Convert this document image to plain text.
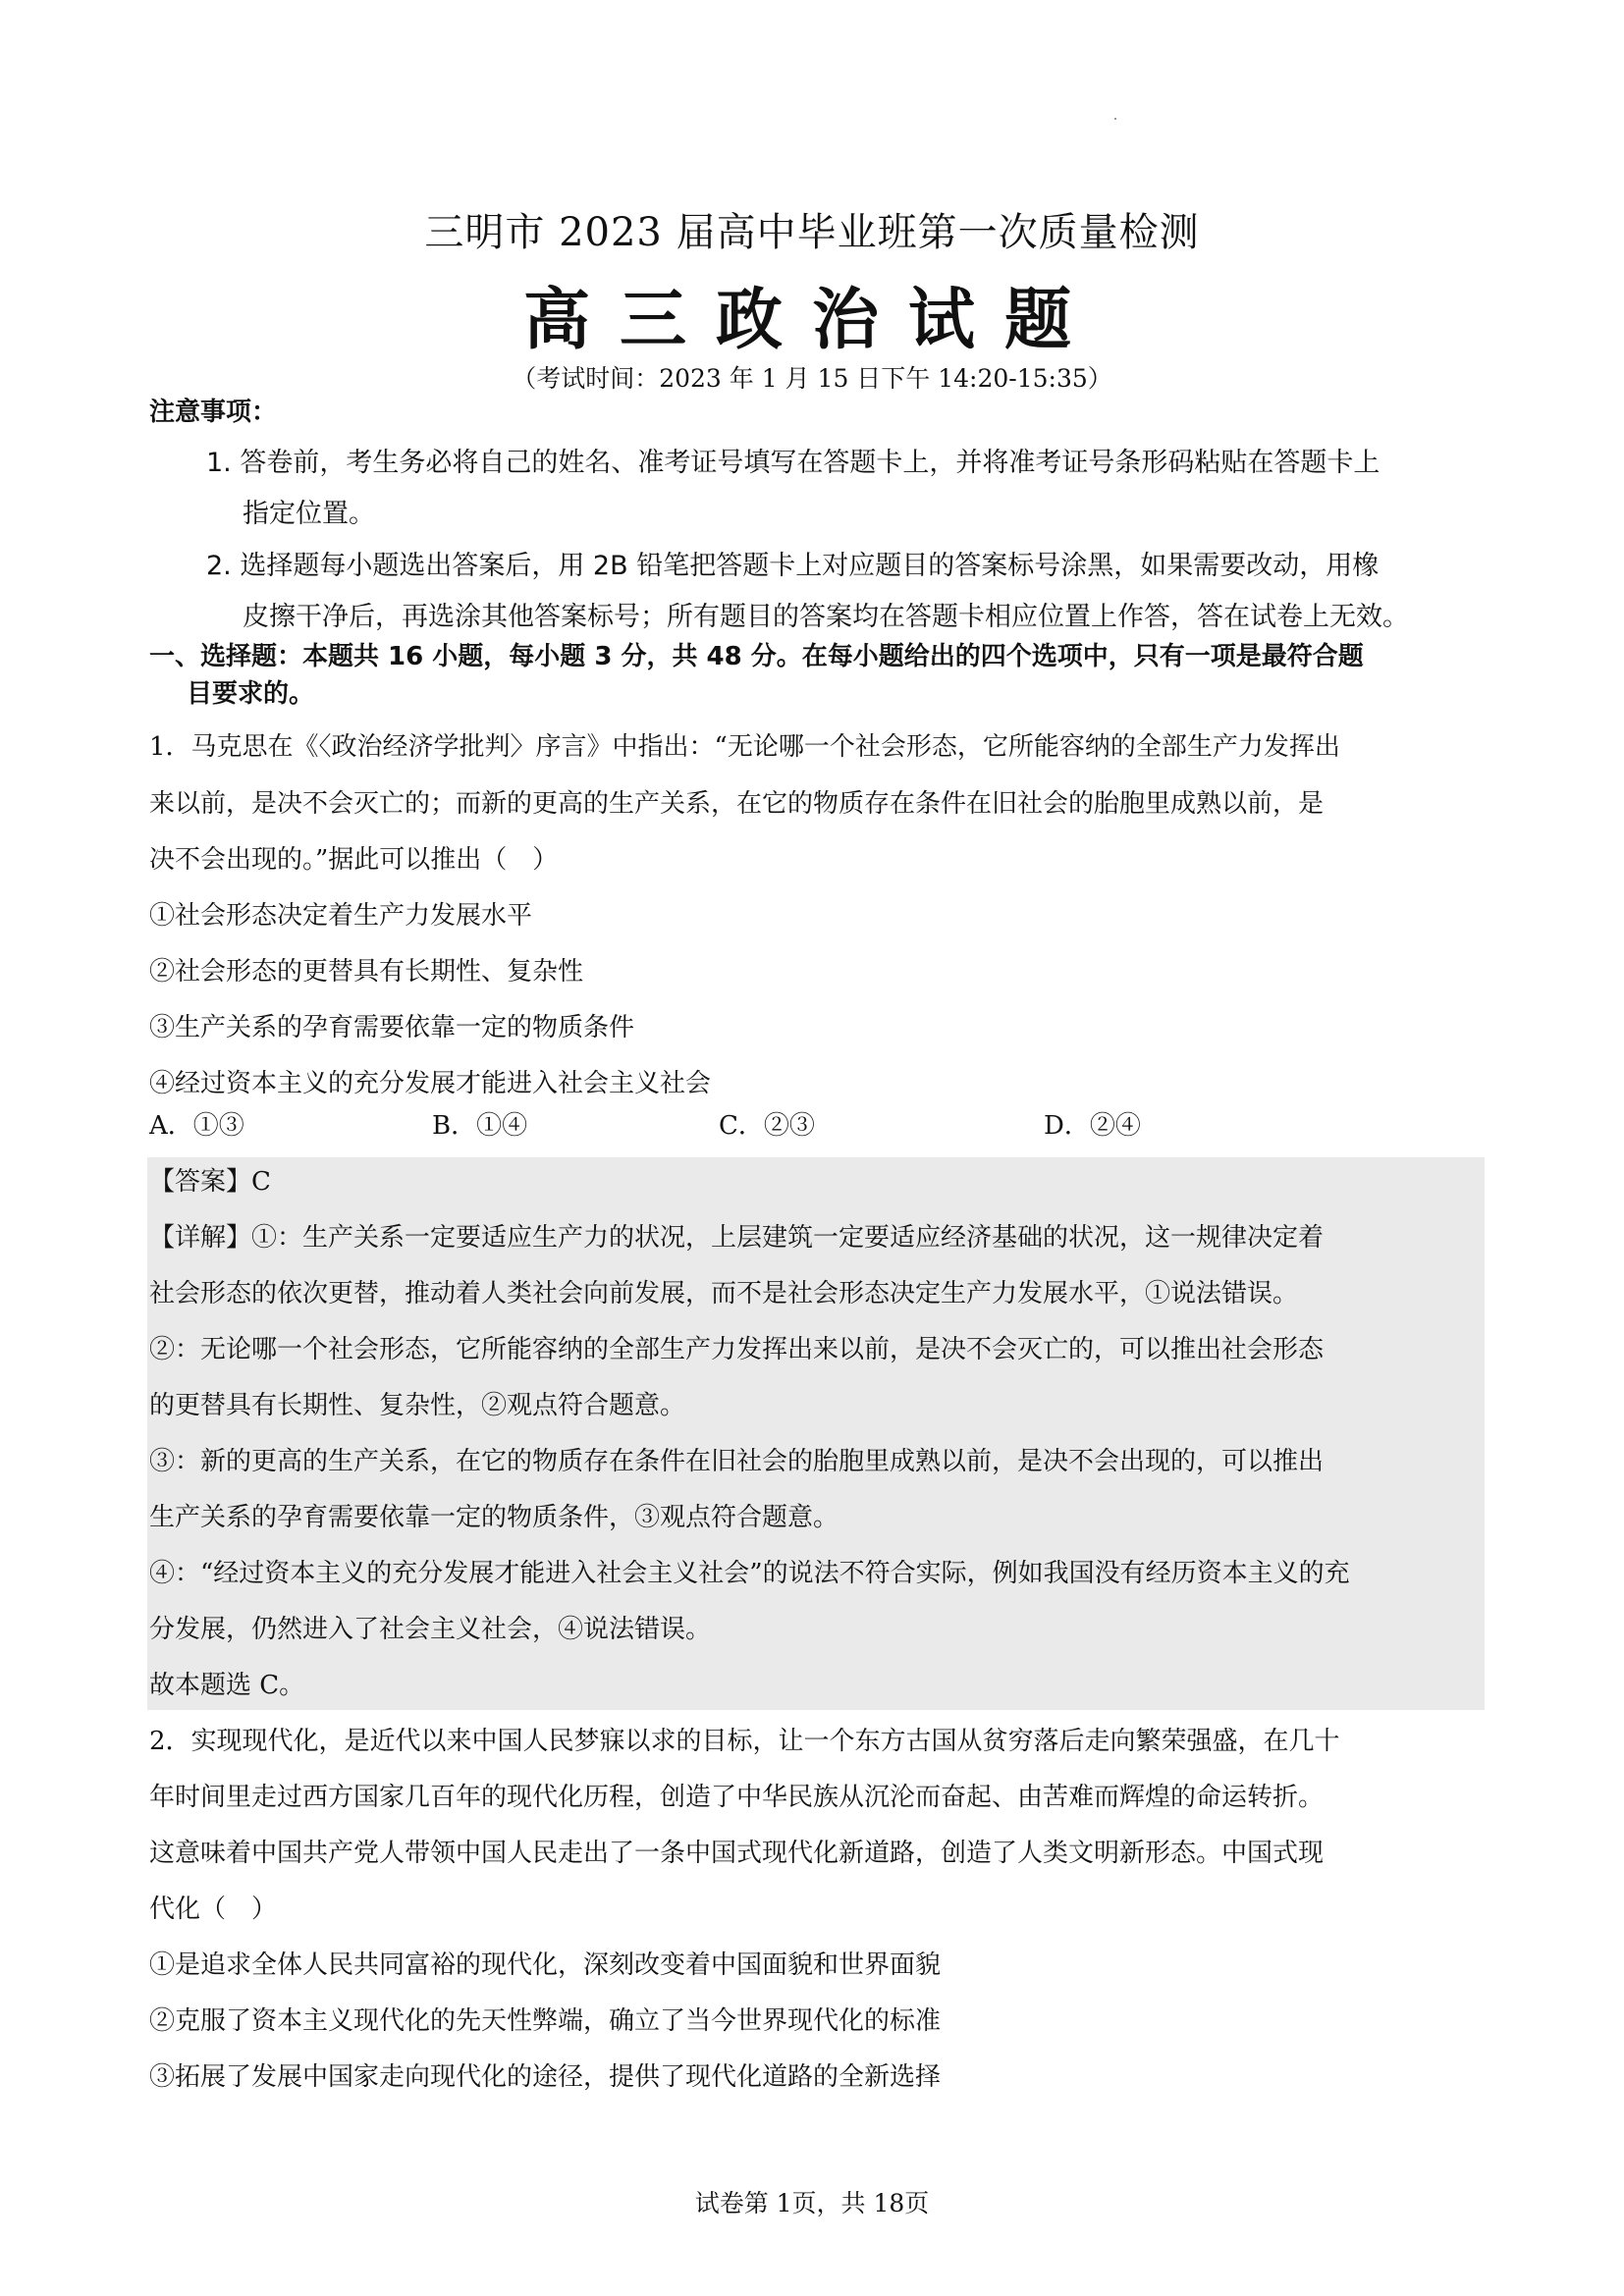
三明市 2023 届高中毕业班第一次质量检测
高三政治试题
（考试时间：2023 年 1 月 15 日下午 14:20-15:35）
注意事项：
1. 答卷前，考生务必将自己的姓名、准考证号填写在答题卡上，并将准考证号条形码粘贴在答题卡上
指定位置。
2. 选择题每小题选出答案后，用 2B 铅笔把答题卡上对应题目的答案标号涂黑，如果需要改动，用橡
皮擦干净后，再选涂其他答案标号；所有题目的答案均在答题卡相应位置上作答，答在试卷上无效。
一、选择题：本题共 16 小题，每小题 3 分，共 48 分。在每小题给出的四个选项中，只有一项是最符合题
目要求的。
1．马克思在《〈政治经济学批判〉序言》中指出：“无论哪一个社会形态，它所能容纳的全部生产力发挥出
来以前，是决不会灭亡的；而新的更高的生产关系，在它的物质存在条件在旧社会的胎胞里成熟以前，是
决不会出现的。”据此可以推出（　）
①社会形态决定着生产力发展水平
②社会形态的更替具有长期性、复杂性
③生产关系的孕育需要依靠一定的物质条件
④经过资本主义的充分发展才能进入社会主义社会
A．①③	B．①④	C．②③	D．②④
【答案】C
【详解】①：生产关系一定要适应生产力的状况，上层建筑一定要适应经济基础的状况，这一规律决定着
社会形态的依次更替，推动着人类社会向前发展，而不是社会形态决定生产力发展水平，①说法错误。
②：无论哪一个社会形态，它所能容纳的全部生产力发挥出来以前，是决不会灭亡的，可以推出社会形态
的更替具有长期性、复杂性，②观点符合题意。
③：新的更高的生产关系，在它的物质存在条件在旧社会的胎胞里成熟以前，是决不会出现的，可以推出
生产关系的孕育需要依靠一定的物质条件，③观点符合题意。
④：“经过资本主义的充分发展才能进入社会主义社会”的说法不符合实际，例如我国没有经历资本主义的充
分发展，仍然进入了社会主义社会，④说法错误。
故本题选 C。
2．实现现代化，是近代以来中国人民梦寐以求的目标，让一个东方古国从贫穷落后走向繁荣强盛，在几十
年时间里走过西方国家几百年的现代化历程，创造了中华民族从沉沦而奋起、由苦难而辉煌的命运转折。
这意味着中国共产党人带领中国人民走出了一条中国式现代化新道路，创造了人类文明新形态。中国式现
代化（　）
①是追求全体人民共同富裕的现代化，深刻改变着中国面貌和世界面貌
②克服了资本主义现代化的先天性弊端，确立了当今世界现代化的标准
③拓展了发展中国家走向现代化的途径，提供了现代化道路的全新选择
试卷第 1页，共 18页
